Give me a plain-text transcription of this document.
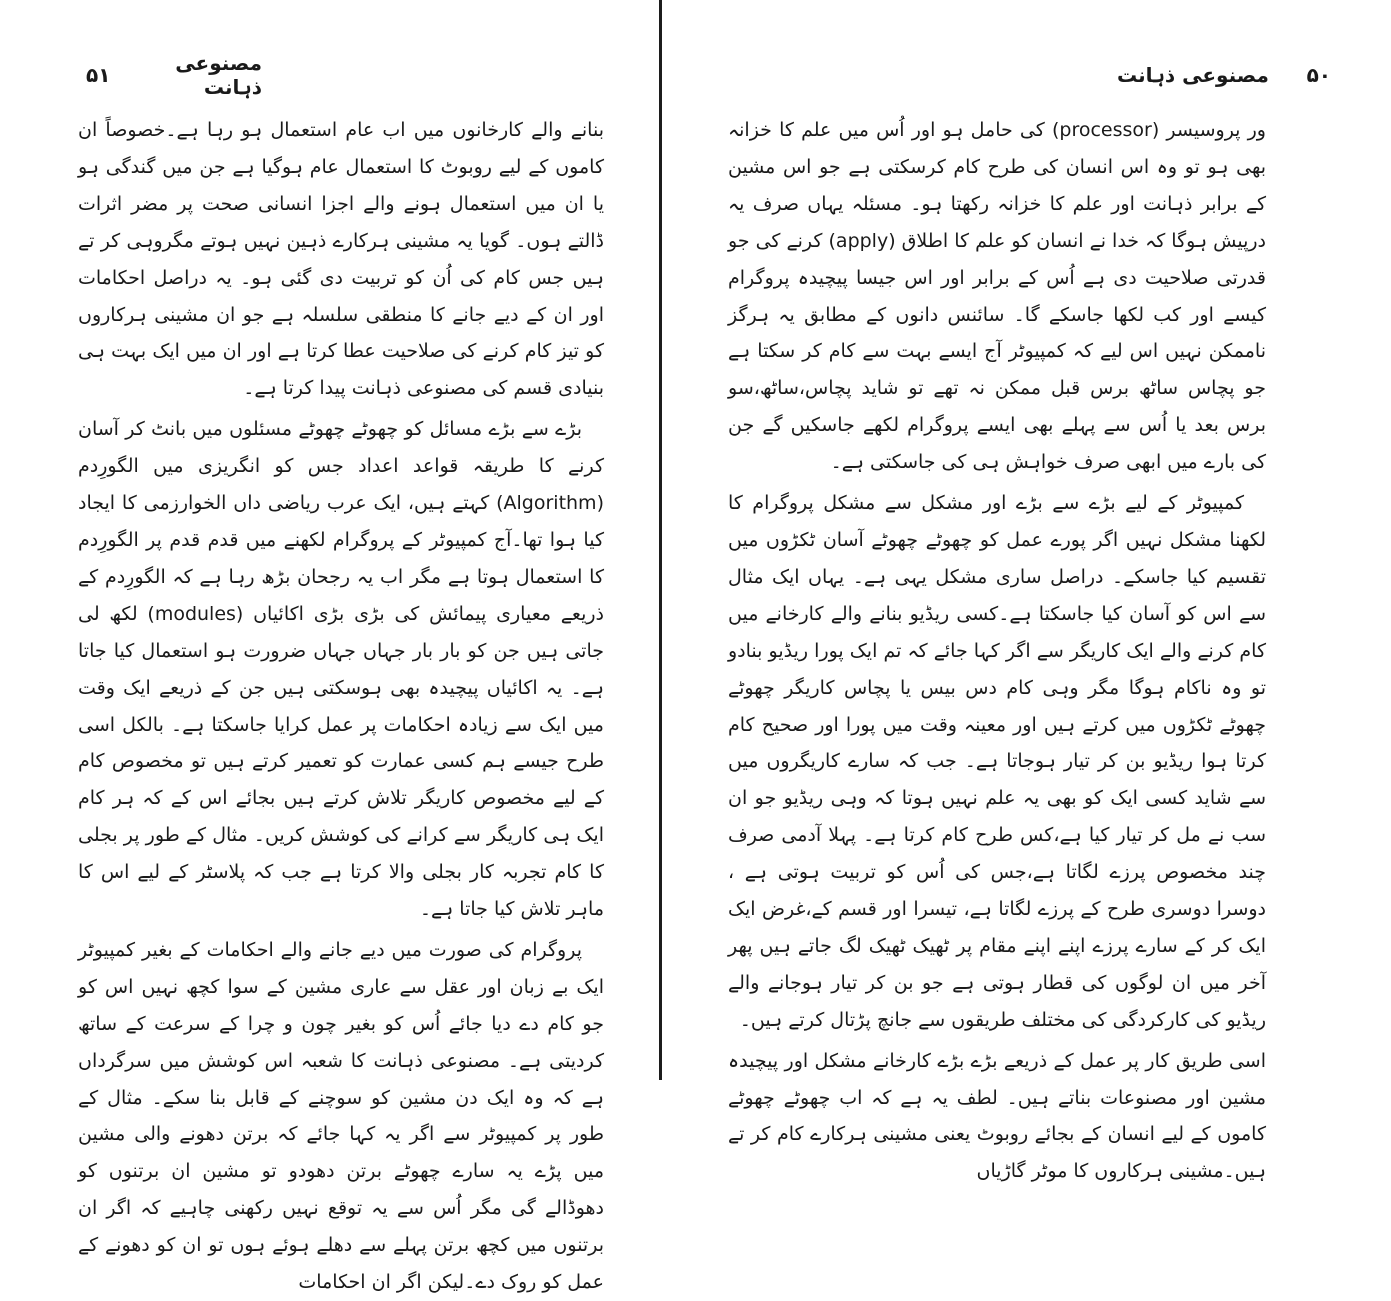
۵۱	مصنوعی ذہانت

بنانے والے کارخانوں میں اب عام استعمال ہو رہا ہے۔خصوصاً ان کاموں کے لیے روبوٹ کا استعمال عام ہوگیا ہے جن میں گندگی ہو یا ان میں استعمال ہونے والے اجزا انسانی صحت پر مضر اثرات ڈالتے ہوں۔ گویا یہ مشینی ہرکارے ذہین نہیں ہوتے مگروہی کر تے ہیں جس کام کی اُن کو تربیت دی گئی ہو۔ یہ دراصل احکامات اور ان کے دیے جانے کا منطقی سلسلہ ہے جو ان مشینی ہرکاروں کو تیز کام کرنے کی صلاحیت عطا کرتا ہے اور ان میں ایک بہت ہی بنیادی قسم کی مصنوعی ذہانت پیدا کرتا ہے۔

بڑے سے بڑے مسائل کو چھوٹے چھوٹے مسئلوں میں بانٹ کر آسان کرنے کا طریقہ قواعد اعداد جس کو انگریزی میں الگورِدم (Algorithm) کہتے ہیں، ایک عرب ریاضی داں الخوارزمی کا ایجاد کیا ہوا تھا۔آج کمپیوٹر کے پروگرام لکھنے میں قدم قدم پر الگورِدم کا استعمال ہوتا ہے مگر اب یہ رجحان بڑھ رہا ہے کہ الگورِدم کے ذریعے معیاری پیمائش کی بڑی بڑی اکائیاں (modules) لکھ لی جاتی ہیں جن کو بار بار جہاں جہاں ضرورت ہو استعمال کیا جاتا ہے۔ یہ اکائیاں پیچیدہ بھی ہوسکتی ہیں جن کے ذریعے ایک وقت میں ایک سے زیادہ احکامات پر عمل کرایا جاسکتا ہے۔ بالکل اسی طرح جیسے ہم کسی عمارت کو تعمیر کرتے ہیں تو مخصوص کام کے لیے مخصوص کاریگر تلاش کرتے ہیں بجائے اس کے کہ ہر کام ایک ہی کاریگر سے کرانے کی کوشش کریں۔ مثال کے طور پر بجلی کا کام تجربہ کار بجلی والا کرتا ہے جب کہ پلاسٹر کے لیے اس کا ماہر تلاش کیا جاتا ہے۔

پروگرام کی صورت میں دیے جانے والے احکامات کے بغیر کمپیوٹر ایک بے زبان اور عقل سے عاری مشین کے سوا کچھ نہیں اس کو جو کام دے دیا جائے اُس کو بغیر چون و چرا کے سرعت کے ساتھ کردیتی ہے۔ مصنوعی ذہانت کا شعبہ اس کوشش میں سرگرداں ہے کہ وہ ایک دن مشین کو سوچنے کے قابل بنا سکے۔ مثال کے طور پر کمپیوٹر سے اگر یہ کہا جائے کہ برتن دھونے والی مشین میں پڑے یہ سارے چھوٹے برتن دھودو تو مشین ان برتنوں کو دھوڈالے گی مگر اُس سے یہ توقع نہیں رکھنی چاہیے کہ اگر ان برتنوں میں کچھ برتن پہلے سے دھلے ہوئے ہوں تو ان کو دھونے کے عمل کو روک دے۔لیکن اگر ان احکامات

مصنوعی ذہانت ۵۰

ور پروسیسر (processor) کی حامل ہو اور اُس میں علم کا خزانہ بھی ہو تو وہ اس انسان کی طرح کام کرسکتی ہے جو اس مشین کے برابر ذہانت اور علم کا خزانہ رکھتا ہو۔ مسئلہ یہاں صرف یہ درپیش ہوگا کہ خدا نے انسان کو علم کا اطلاق (apply) کرنے کی جو قدرتی صلاحیت دی ہے اُس کے برابر اور اس جیسا پیچیدہ پروگرام کیسے اور کب لکھا جاسکے گا۔ سائنس دانوں کے مطابق یہ ہرگز ناممکن نہیں اس لیے کہ کمپیوٹر آج ایسے بہت سے کام کر سکتا ہے جو پچاس ساٹھ برس قبل ممکن نہ تھے تو شاید پچاس،ساٹھ،سو برس بعد یا اُس سے پہلے بھی ایسے پروگرام لکھے جاسکیں گے جن کی بارے میں ابھی صرف خواہش ہی کی جاسکتی ہے۔

کمپیوٹر کے لیے بڑے سے بڑے اور مشکل سے مشکل پروگرام کا لکھنا مشکل نہیں اگر پورے عمل کو چھوٹے چھوٹے آسان ٹکڑوں میں تقسیم کیا جاسکے۔ دراصل ساری مشکل یہی ہے۔ یہاں ایک مثال سے اس کو آسان کیا جاسکتا ہے۔کسی ریڈیو بنانے والے کارخانے میں کام کرنے والے ایک کاریگر سے اگر کہا جائے کہ تم ایک پورا ریڈیو بنادو تو وہ ناکام ہوگا مگر وہی کام دس بیس یا پچاس کاریگر چھوٹے چھوٹے ٹکڑوں میں کرتے ہیں اور معینہ وقت میں پورا اور صحیح کام کرتا ہوا ریڈیو بن کر تیار ہوجاتا ہے۔ جب کہ سارے کاریگروں میں سے شاید کسی ایک کو بھی یہ علم نہیں ہوتا کہ وہی ریڈیو جو ان سب نے مل کر تیار کیا ہے،کس طرح کام کرتا ہے۔ پہلا آدمی صرف چند مخصوص پرزے لگاتا ہے،جس کی اُس کو تربیت ہوتی ہے ، دوسرا دوسری طرح کے پرزے لگاتا ہے، تیسرا اور قسم کے،غرض ایک ایک کر کے سارے پرزے اپنے اپنے مقام پر ٹھیک ٹھیک لگ جاتے ہیں پھر آخر میں ان لوگوں کی قطار ہوتی ہے جو بن کر تیار ہوجانے والے ریڈیو کی کارکردگی کی مختلف طریقوں سے جانچ پڑتال کرتے ہیں۔

اسی طریق کار پر عمل کے ذریعے بڑے بڑے کارخانے مشکل اور پیچیدہ مشین اور مصنوعات بناتے ہیں۔ لطف یہ ہے کہ اب چھوٹے چھوٹے کاموں کے لیے انسان کے بجائے روبوٹ یعنی مشینی ہرکارے کام کر تے ہیں۔مشینی ہرکاروں کا موٹر گاڑیاں
